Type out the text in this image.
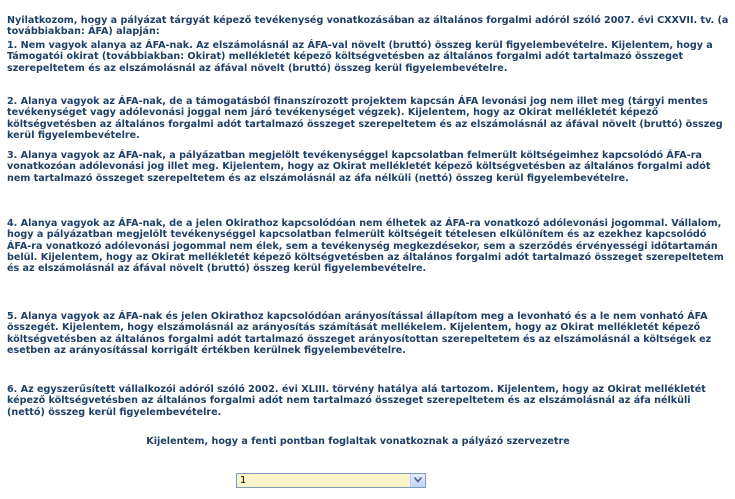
Nyilatkozom, hogy a pályázat tárgyát képező tevékenység vonatkozásában az általános forgalmi adóról szóló 2007. évi CXXVII. tv. (a továbbiakban: ÁFA) alapján:

1. Nem vagyok alanya az ÁFA-nak. Az elszámolásnál az ÁFA-val növelt (bruttó) összeg kerül figyelembevételre. Kijelentem, hogy a Támogatói okirat (továbbiakban: Okirat) mellékletét képező költségvetésben az általános forgalmi adót tartalmazó összeget szerepeltetem és az elszámolásnál az áfával növelt (bruttó) összeg kerül figyelembevételre.

2. Alanya vagyok az ÁFA-nak, de a támogatásból finanszírozott projektem kapcsán ÁFA levonási jog nem illet meg (tárgyi mentes tevékenységet vagy adólevonási joggal nem járó tevékenységet végzek). Kijelentem, hogy az Okirat mellékletét képező költségvetésben az általános forgalmi adót tartalmazó összeget szerepeltetem és az elszámolásnál az áfával növelt (bruttó) összeg kerül figyelembevételre.

3. Alanya vagyok az ÁFA-nak, a pályázatban megjelölt tevékenységgel kapcsolatban felmerült költségeimhez kapcsolódó ÁFA-ra vonatkozóan adólevonási jog illet meg. Kijelentem, hogy az Okirat mellékletét képező költségvetésben az általános forgalmi adót nem tartalmazó összeget szerepeltetem és az elszámolásnál az áfa nélküli (nettó) összeg kerül figyelembevételre.

4. Alanya vagyok az ÁFA-nak, de a jelen Okirathoz kapcsolódóan nem élhetek az ÁFA-ra vonatkozó adólevonási jogommal. Vállalom, hogy a pályázatban megjelölt tevékenységgel kapcsolatban felmerült költségeit tételesen elkülönítem és az ezekhez kapcsolódó ÁFA-ra vonatkozó adólevonási jogommal nem élek, sem a tevékenység megkezdésekor, sem a szerződés érvényességi időtartamán belül. Kijelentem, hogy az Okirat mellékletét képező költségvetésben az általános forgalmi adót tartalmazó összeget szerepeltetem és az elszámolásnál az áfával növelt (bruttó) összeg kerül figyelembevételre.

5. Alanya vagyok az ÁFA-nak és jelen Okirathoz kapcsolódóan arányosítással állapítom meg a levonható és a le nem vonható ÁFA összegét. Kijelentem, hogy elszámolásnál az arányosítás számítását mellékelem. Kijelentem, hogy az Okirat mellékletét képező költségvetésben az általános forgalmi adót tartalmazó összeget arányosítottan szerepeltetem és az elszámolásnál a költségek ez esetben az arányosítással korrigált értékben kerülnek figyelembevételre.

6. Az egyszerűsített vállalkozói adóról szóló 2002. évi XLIII. törvény hatálya alá tartozom. Kijelentem, hogy az Okirat mellékletét képező költségvetésben az általános forgalmi adót nem tartalmazó összeget szerepeltetem és az elszámolásnál az áfa nélküli (nettó) összeg kerül figyelembevételre.

Kijelentem, hogy a fenti pontban foglaltak vonatkoznak a pályázó szervezetre
1
